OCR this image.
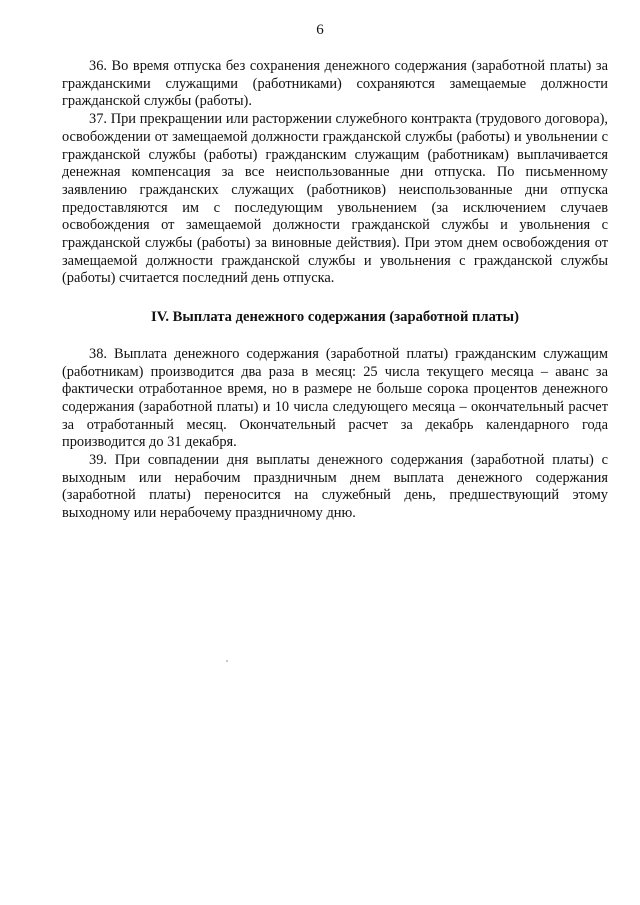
6

36. Во время отпуска без сохранения денежного содержания (заработной платы) за гражданскими служащими (работниками) сохраняются замещаемые должности гражданской службы (работы).

37. При прекращении или расторжении служебного контракта (трудового договора), освобождении от замещаемой должности гражданской службы (работы) и увольнении с гражданской службы (работы) гражданским служащим (работникам) выплачивается денежная компенсация за все неиспользованные дни отпуска. По письменному заявлению гражданских служащих (работников) неиспользованные дни отпуска предоставляются им с последующим увольнением (за исключением случаев освобождения от замещаемой должности гражданской службы и увольнения с гражданской службы (работы) за виновные действия). При этом днем освобождения от замещаемой должности гражданской службы и увольнения с гражданской службы (работы) считается последний день отпуска.

IV. Выплата денежного содержания (заработной платы)

38. Выплата денежного содержания (заработной платы) гражданским служащим (работникам) производится два раза в месяц: 25 числа текущего месяца – аванс за фактически отработанное время, но в размере не больше сорока процентов денежного содержания (заработной платы) и 10 числа следующего месяца – окончательный расчет за отработанный месяц. Окончательный расчет за декабрь календарного года производится до 31 декабря.

39. При совпадении дня выплаты денежного содержания (заработной платы) с выходным или нерабочим праздничным днем выплата денежного содержания (заработной платы) переносится на служебный день, предшествующий этому выходному или нерабочему праздничному дню.
